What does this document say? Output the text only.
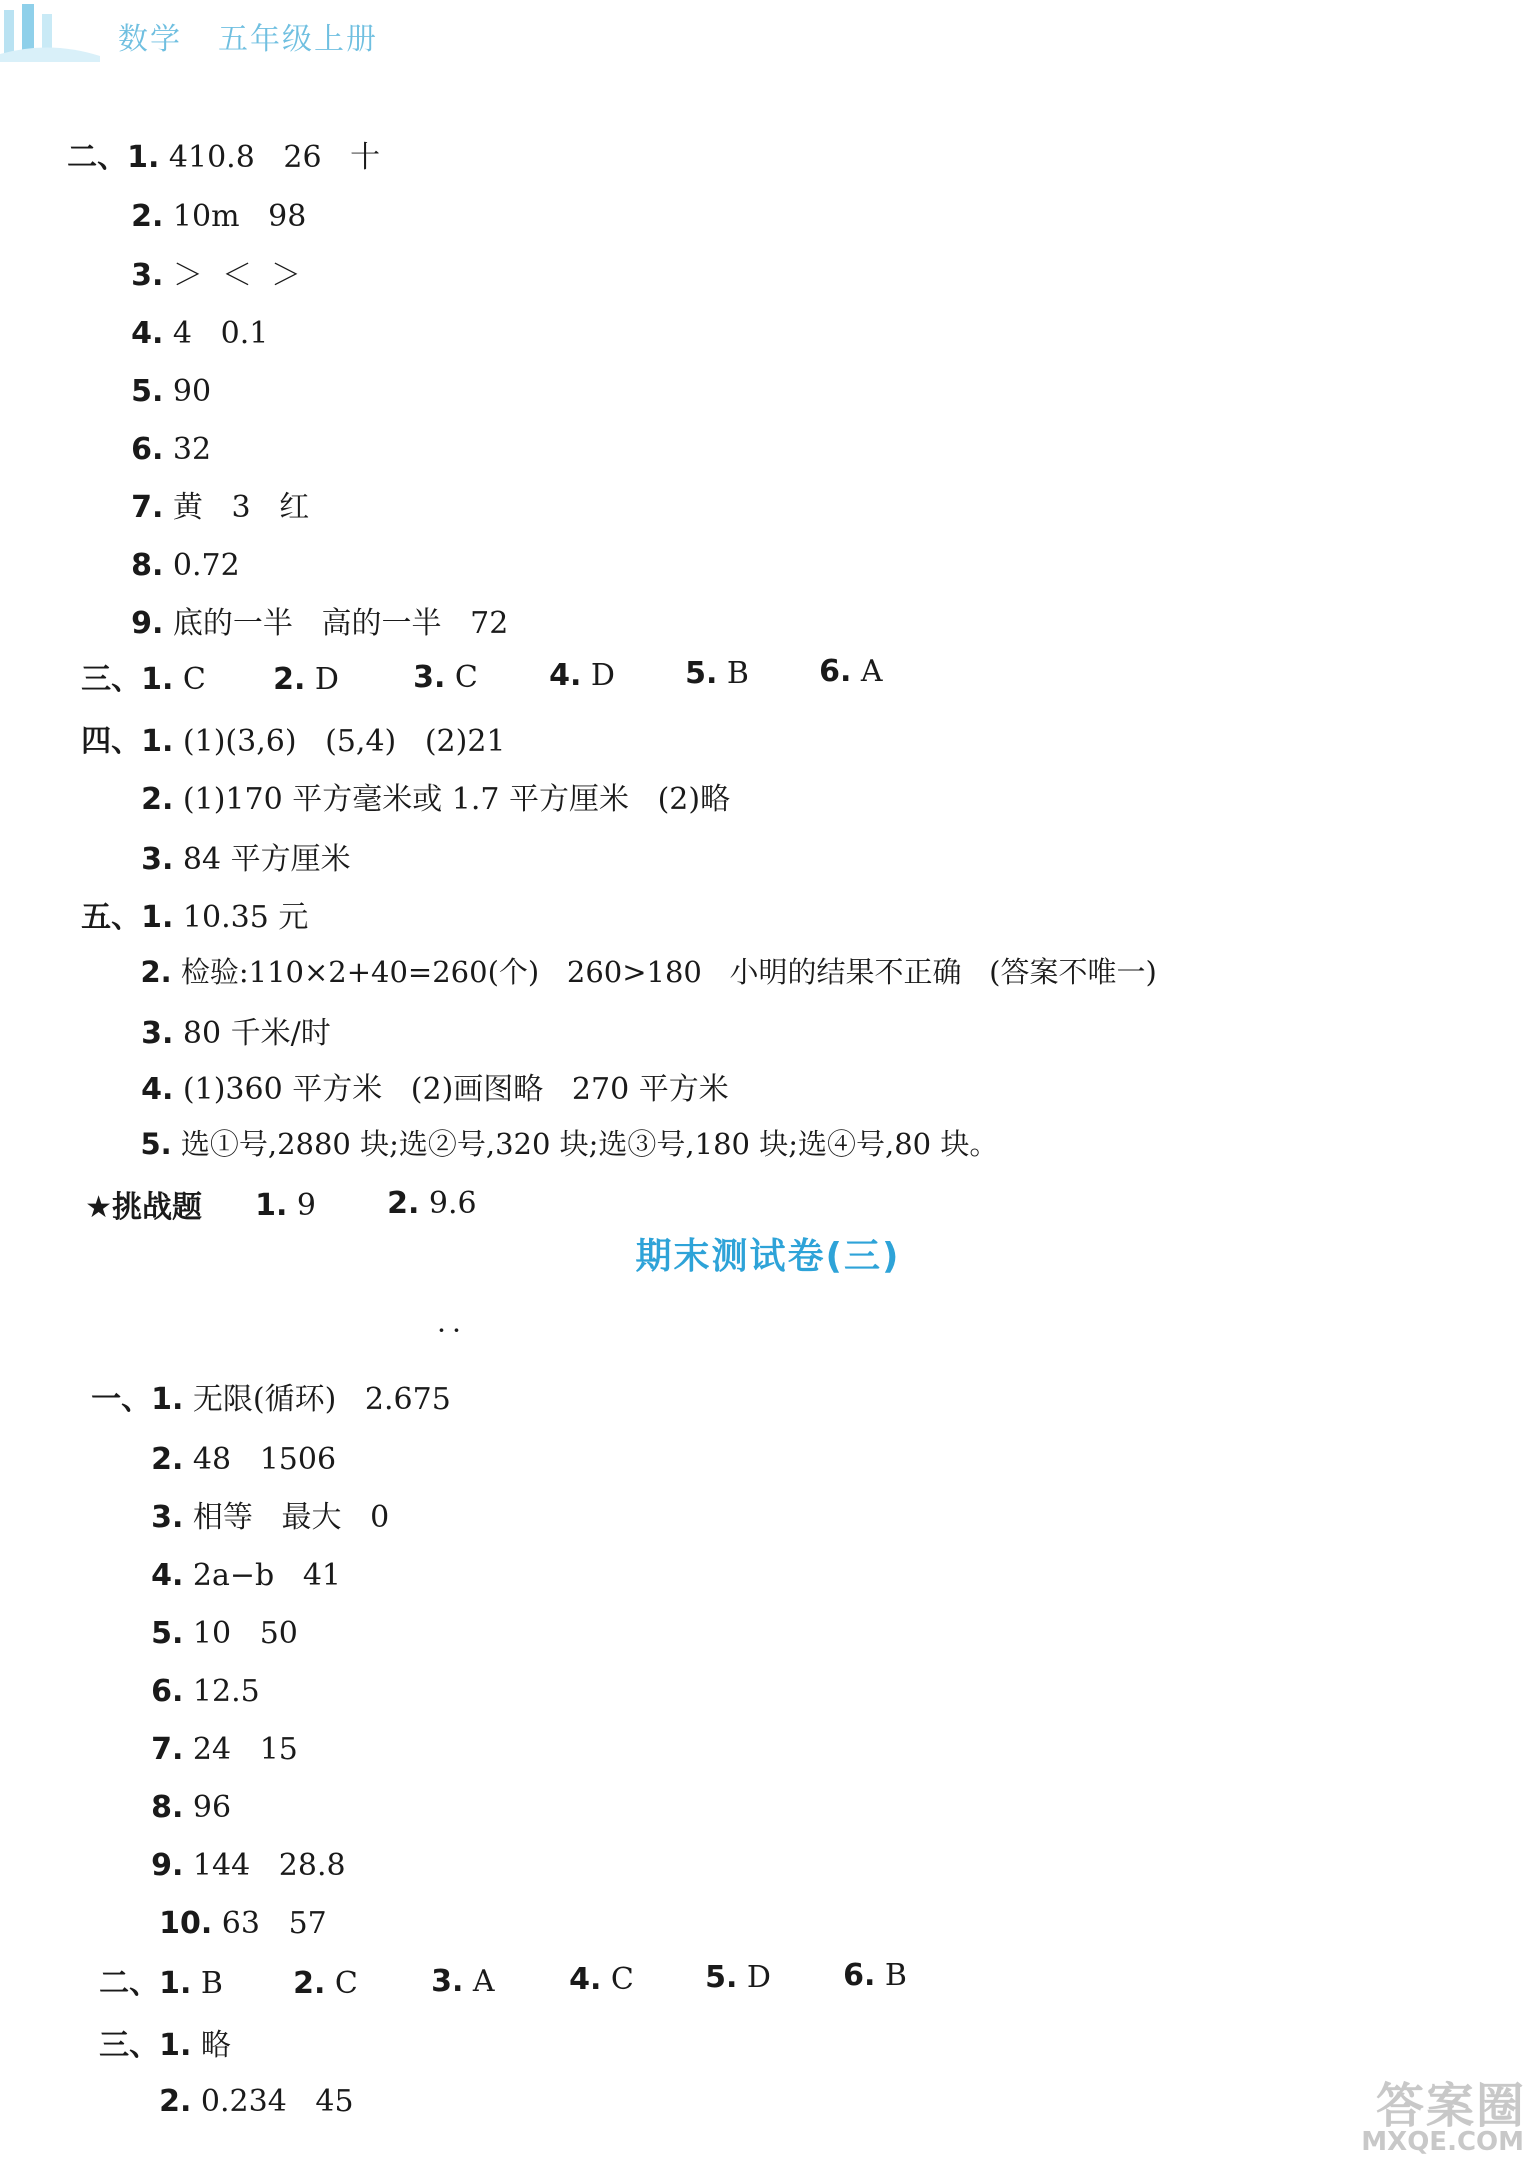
数学 五年级上册

二、1. 410.8   26   十

2. 10m   98

3. ＞  ＜  ＞

4. 4   0.1

5. 90

6. 32

7. 黄   3   红

8. 0.72

9. 底的一半   高的一半   72

三、1. C	2. D	3. C	4. D	5. B	6. A

四、1. (1)(3,6)   (5,4)   (2)21

2. (1)170 平方毫米或 1.7 平方厘米   (2)略

3. 84 平方厘米

五、1. 10.35 元

2. 检验:110×2+40=260(个)   260>180   小明的结果不正确   (答案不唯一)

3. 80 千米/时

4. (1)360 平方米   (2)画图略   270 平方米

5. 选①号,2880 块;选②号,320 块;选③号,180 块;选④号,80 块。

★挑战题	1. 9	2. 9.6

期末测试卷(三)
··

一、1. 无限(循环)   2.675

2. 48   1506

3. 相等   最大   0

4. 2a−b   41

5. 10   50

6. 12.5

7. 24   15

8. 96

9. 144   28.8

10. 63   57

二、1. B	2. C	3. A	4. C	5. D	6. B

三、1. 略

2. 0.234   45	答案圈
MXQE.COM
